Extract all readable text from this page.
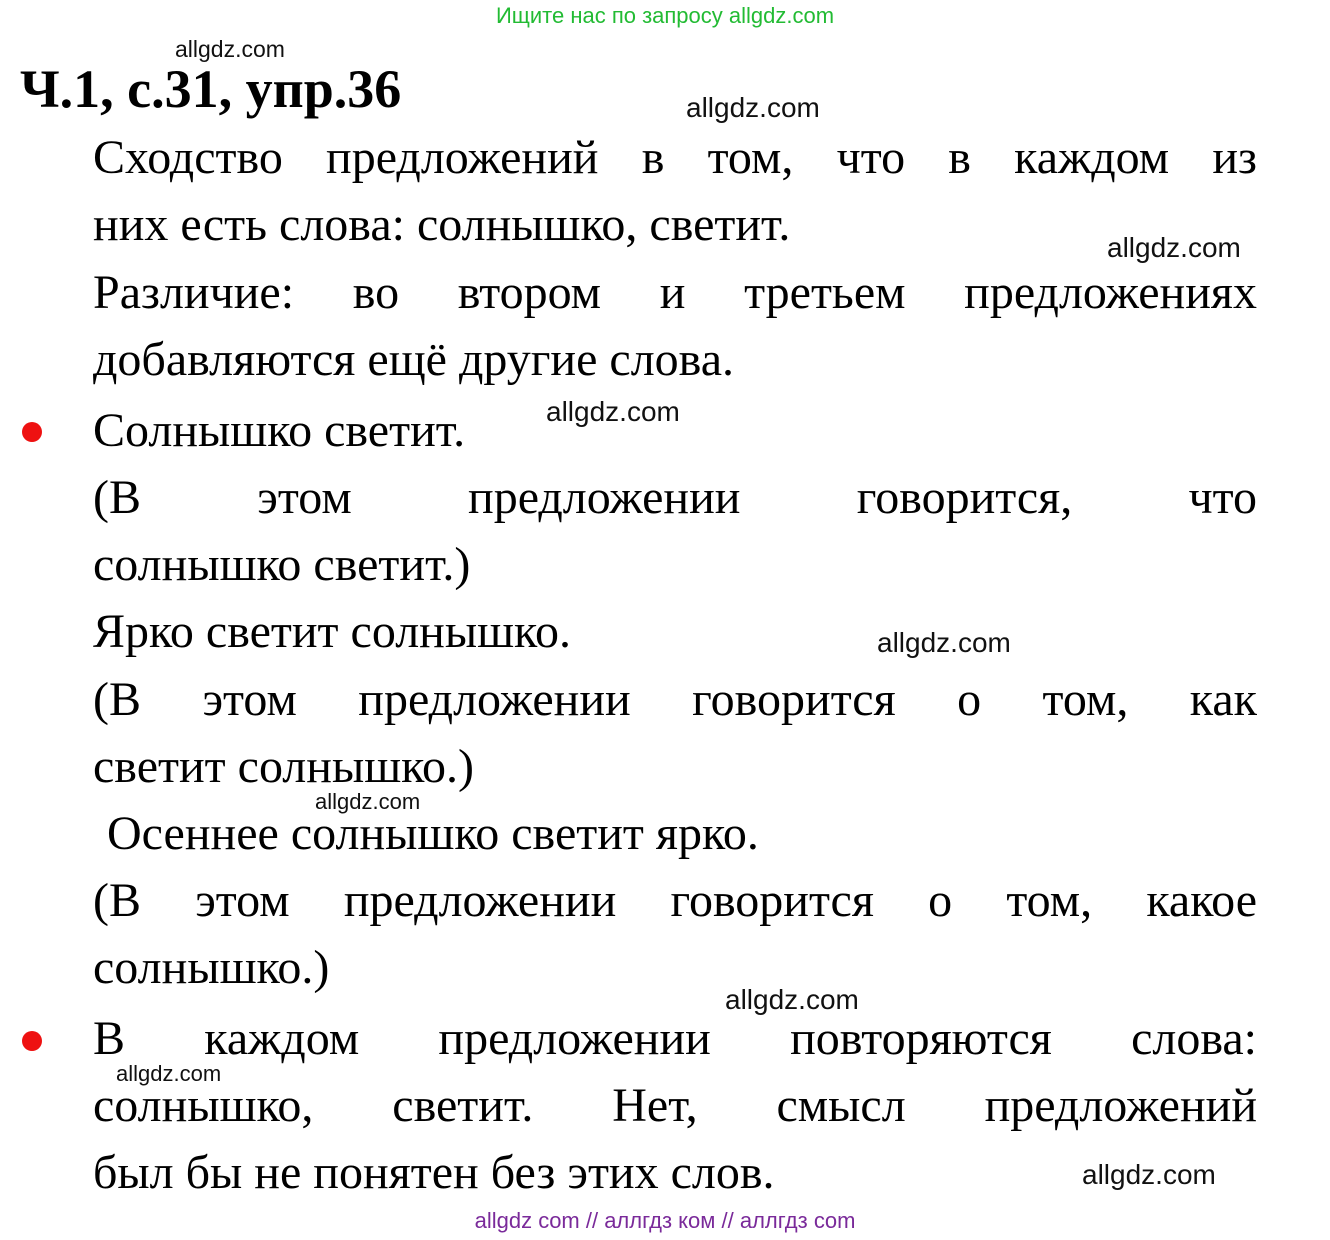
Ищите нас по запросу allgdz.com
allgdz.com
Ч.1, с.31, упр.36	allgdz.com
Сходство предложений в том, что в каждом из
них есть слова: солнышко, светит.	allgdz.com
Различие: во втором и третьем предложениях
добавляются ещё другие слова.
Солнышко светит.	allgdz.com
(В этом предложении говорится, что
солнышко светит.)
Ярко светит солнышко.	allgdz.com
(В этом предложении говорится о том, как
светит солнышко.)
allgdz.com
Осеннее солнышко светит ярко.
(В этом предложении говорится о том, какое
солнышко.)
allgdz.com
В каждом предложении повторяются слова:
allgdz.com
солнышко, светит. Нет, смысл предложений
был бы не понятен без этих слов.	allgdz.com
allgdz com // аллгдз ком // аллгдз com
